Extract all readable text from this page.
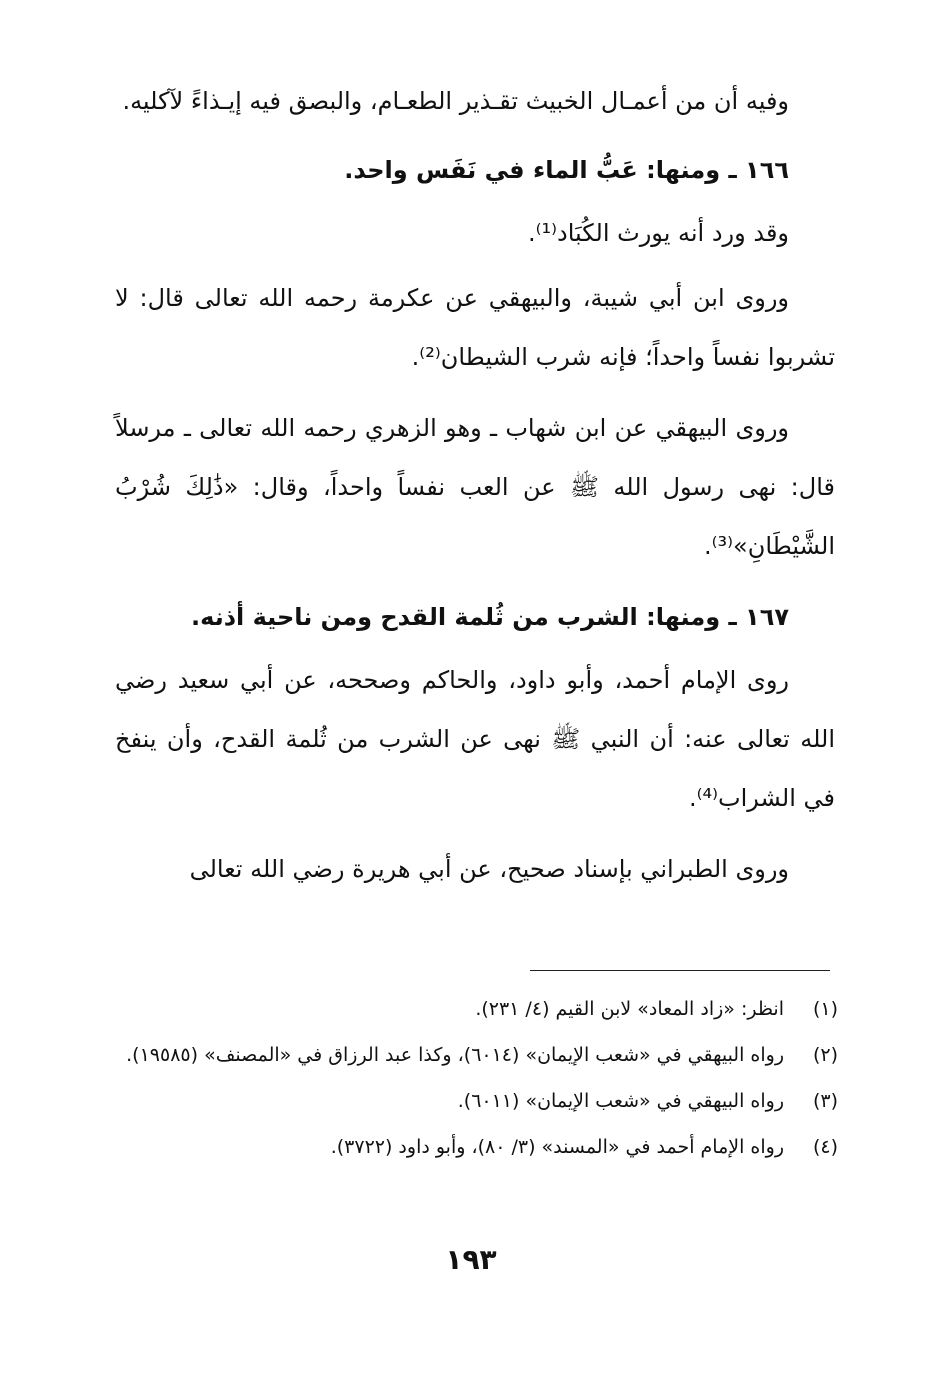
وفيه أن من أعمـال الخبيث تقـذير الطعـام، والبصق فيه إيـذاءً لآكليه.

١٦٦ ـ ومنها: عَبُّ الماء في نَفَس واحد.

وقد ورد أنه يورث الكُبَاد⁽¹⁾.

وروى ابن أبي شيبة، والبيهقي عن عكرمة رحمه الله تعالى قال: لا تشربوا نفساً واحداً؛ فإنه شرب الشيطان⁽²⁾.

وروى البيهقي عن ابن شهاب ـ وهو الزهري رحمه الله تعالى ـ مرسلاً قال: نهى رسول الله ﷺ عن العب نفساً واحداً، وقال: «ذَٰلِكَ شُرْبُ الشَّيْطَانِ»⁽³⁾.

١٦٧ ـ ومنها: الشرب من ثُلمة القدح ومن ناحية أذنه.

روى الإمام أحمد، وأبو داود، والحاكم وصححه، عن أبي سعيد رضي الله تعالى عنه: أن النبي ﷺ نهى عن الشرب من ثُلمة القدح، وأن ينفخ في الشراب⁽⁴⁾.

وروى الطبراني بإسناد صحيح، عن أبي هريرة رضي الله تعالى

(١)
انظر: «زاد المعاد» لابن القيم (٤/ ٢٣١).
(٢)
رواه البيهقي في «شعب الإيمان» (٦٠١٤)، وكذا عبد الرزاق في «المصنف» (١٩٥٨٥).
(٣)
رواه البيهقي في «شعب الإيمان» (٦٠١١).
(٤)
رواه الإمام أحمد في «المسند» (٣/ ٨٠)، وأبو داود (٣٧٢٢).
١٩٣
